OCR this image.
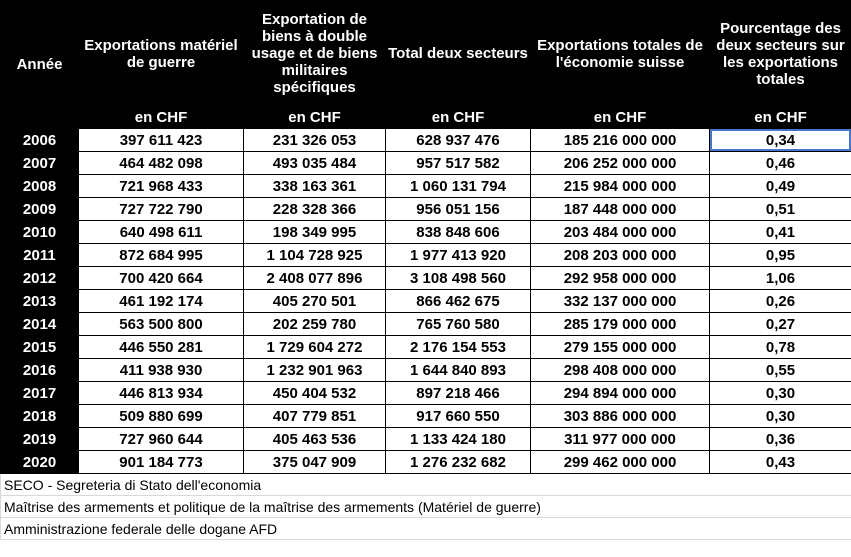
Année	Exportations matériel de guerre	Exportation de biens à double usage et de biens militaires spécifiques	Total deux secteurs	Exportations totales de l'économie suisse	Pourcentage des deux secteurs sur les exportations totales

	en CHF	en CHF	en CHF	en CHF	en CHF
2006	397 611 423	231 326 053	628 937 476	185 216 000 000	0,34
2007	464 482 098	493 035 484	957 517 582	206 252 000 000	0,46
2008	721 968 433	338 163 361	1 060 131 794	215 984 000 000	0,49
2009	727 722 790	228 328 366	956 051 156	187 448 000 000	0,51
2010	640 498 611	198 349 995	838 848 606	203 484 000 000	0,41
2011	872 684 995	1 104 728 925	1 977 413 920	208 203 000 000	0,95
2012	700 420 664	2 408 077 896	3 108 498 560	292 958 000 000	1,06
2013	461 192 174	405 270 501	866 462 675	332 137 000 000	0,26
2014	563 500 800	202 259 780	765 760 580	285 179 000 000	0,27
2015	446 550 281	1 729 604 272	2 176 154 553	279 155 000 000	0,78
2016	411 938 930	1 232 901 963	1 644 840 893	298 408 000 000	0,55
2017	446 813 934	450 404 532	897 218 466	294 894 000 000	0,30
2018	509 880 699	407 779 851	917 660 550	303 886 000 000	0,30
2019	727 960 644	405 463 536	1 133 424 180	311 977 000 000	0,36
2020	901 184 773	375 047 909	1 276 232 682	299 462 000 000	0,43
SECO - Segreteria di Stato dell'economia					
Maîtrise des armements et politique de la maîtrise des armements (Matériel de guerre)					
Amministrazione federale delle dogane AFD					
